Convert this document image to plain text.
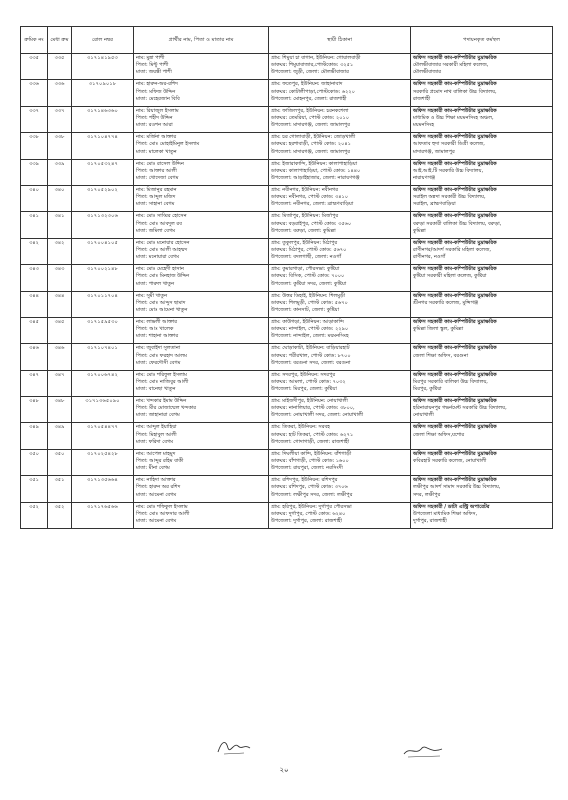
ক্রমিক নং	মেধা ক্রম	রোল নম্বর	প্রার্থীর নাম, পিতা ও মাতার নাম	স্থায়ী ঠিকানা	পদায়নকৃত কর্মস্থল

৩৩৫	৩৩৫	৩১৭১৪১৯৫৩	নাম: মুন্না পাশী
পিতা: মিন্টু পাশী
মাতা: জয়ন্তী পাশী	গ্রাম: শিমুয়া চা বাগান, ইউনিয়ন: গোয়ালবাড়ী
ডাকঘর: শিমুয়াবাজার,পোস্টকোড: ৩২৫১
উপজেলা: জুড়ী, জেলা: মৌলভীবাজার	অফিস সহকারী কাম-কম্পিউটার মুদ্রাক্ষরিক
মৌলভীবাজার সরকারী মহিলা কলেজ,
মৌলভীবাজার

৩৩৬	৩৩৬	৩১৭০৯০১৮	নাম: হারুন-অর-রশিদ
পিতা: মফিজ উদ্দিন
মাতা: মেহেরজান বিবি	গ্রাম: ফতেপুর, ইউনিয়ন: জাহানাবাদ
ডাকঘর: কোটালীপাড়া,পোস্টকোড: ৬২২০
উপজেলা: মোহনপুর, জেলা: রাজশাহী	অফিস সহকারী কাম-কম্পিউটার মুদ্রাক্ষরিক
সরকারি প্রমোদ নাথ বালিকা উচ্চ বিদ্যালয়,
রাজশাহী

৩৩৭	৩৩৭	৩১৭১৪৬৩৬০	নাম: রিয়াজুল ইসলাম
পিতা: শহীদ উদ্দিন
মাতা: রওশন আরা	গ্রাম: ফাজিলপুর, ইউনিয়ন: চরনকশেলা
ডাকঘর: তেমরিয়া, পোস্ট কোড: ২০১০
উপজেলা: মাদারগঞ্জ, জেলা: জামালপুর	অফিস সহকারী কাম-কম্পিউটার মুদ্রাক্ষরিক
মাধ্যমিক ও উচ্চ শিক্ষা ময়মনসিংহ অঞ্চল,
ময়মনসিংহ

৩৩৮	৩৩৮	৩১৭১০৪৭৭৪	নাম: মর্জিনা আক্তার
পিতা: মোঃ মোহাইমিনুল ইসলাম
মাতা: মালেকা খাতুন	গ্রাম: চর গোলাবাড়ী, ইউনিয়ন: জোড়খালী
ডাকঘর: হরশাবাড়ী, পোস্ট কোড: ২০৪১
উপজেলা: মাদারগঞ্জ, জেলা: জামালপুর	অফিস সহকারী কাম-কম্পিউটার মুদ্রাক্ষরিক
আফতাব হুদা সরকারী ডিগ্রী কলেজ,
মাদারগঞ্জ, জামালপুর

৩৩৯	৩৩৯	৩১৭০৫৩২৪৭	নাম: মোঃ রাসেল উদ্দিন
পিতা: আক্তার আলী
মাতা: খোদেজা বেগম	গ্রাম: ইজারাকান্দি, ইউনিয়ন: কালাপাহাড়িয়া
ডাকঘর: কালাপাহাড়িয়া, পোস্ট কোড: ১৪৪০
উপজেলা: আড়াইহাজার, জেলা: নারায়ণগঞ্জ	অফিস সহকারী কাম-কম্পিউটার মুদ্রাক্ষরিক
আই.আই.টি সরকারি উচ্চ বিদ্যালয়,
নারায়ণগঞ্জ

৩৪০	৩৪০	৩১৭০৫২৯০২	নাম: মিজানুর রহমান
পিতা: আব্দুল মজিদ
মাতা: সাহানা বেগম	গ্রাম: নবীনগর, ইউনিয়ন: নবীনগর
ডাকঘর: নবীনগর, পোস্ট কোড: ৩৪১০
উপজেলা: নবীনগর, জেলা: ব্রাহ্মণবাড়িয়া	অফিস সহকারী কাম-কম্পিউটার মুদ্রাক্ষরিক
সরাইল অন্নদা সরকারী উচ্চ বিদ্যালয়,
সরাইল, ব্রাহ্মণবাড়িয়া

৩৪১	৩৪১	৩১৭১৩২৩০৬	নাম: মোঃ সাব্বির হোসেন
পিতা: মোঃ আবদুল রব
মাতা: জমিলা বেগম	গ্রাম: মির্জাপুর, ইউনিয়ন: মির্জাপুর
ডাকঘর: বড়রাইপুর, পোস্ট কোড: ৩৫৬০
উপজেলা: বরুড়া, জেলা: কুমিল্লা	অফিস সহকারী কাম-কম্পিউটার মুদ্রাক্ষরিক
বরুড়া সরকারী বালিকা উচ্চ বিদ্যালয়, বরুড়া,
কুমিল্লা

৩৪২	৩৪২	৩১৭০০৪১০৫	নাম: মোঃ মনোয়ার হোসেন
পিতা: মোঃ আলী আহম্মদ
মাতা: মনোয়ারা বেগম	গ্রাম: তুকুলপুর, ইউনিয়ন: মিঠাপুর
ডাকঘর: মিঠাপুর, পোস্ট কোড: ৫৬৭০
উপজেলা: বদলগাছী, জেলা: নওগাঁ	অফিস সহকারী কাম-কম্পিউটার মুদ্রাক্ষরিক
রাণীনগর/আদর্শ সরকারি মহিলা কলেজ,
রাণীনগর, নওগাঁ

৩৪৩	৩৪৩	৩১৭০০২১৪৮	নাম: মোঃ মেহেদী হাসান
পিতা: মোঃ মিনহাজ উদ্দিন
মাতা: পারুল খাতুন	গ্রাম: কুমারগাড়া, পৌরসভা: কুষ্টিয়া
ডাকঘর: বিসিক, পোস্ট কোড: ৭০০০
উপজেলা: কুষ্টিয়া সদর, জেলা: কুষ্টিয়া	অফিস সহকারী কাম-কম্পিউটার মুদ্রাক্ষরিক
কুষ্টিয়া সরকারী মহিলা কলেজ, কুষ্টিয়া

৩৪৪	৩৪৪	৩১৭০১১৭০৪	নাম: সুমী খাতুন
পিতা: মোঃ আব্দুস ছামাদ
মাতা: মোঃ আমেনা খাতুন	গ্রাম: উত্তর ডিহাই, ইউনিয়ন: শিলমুড়ী
ডাকঘর: শিলমুড়ী, পোস্ট কোড: ৫৬৭০
উপজেলা: কানসাট, জেলা: কুষ্টিয়া	অফিস সহকারী কাম-কম্পিউটার মুদ্রাক্ষরিক
শ্রীনগর সরকারি কলেজ, মুন্সিগঞ্জ

৩৪৫	৩৪৫	৩১৭১৫৯৫৩০	নাম: লাভলী আক্তার
পিতা: আঃ খালেক
মাতা: শাহানা আক্তার	গ্রাম: কাউগড়া, ইউনিয়ন: আড়াকান্দি
ডাকঘর: নান্দাইল, পোস্ট কোড: ২২৯০
উপজেলা: নান্দাইল, জেলা: ময়মনসিংহ	অফিস সহকারী কাম-কম্পিউটার মুদ্রাক্ষরিক
কুমিল্লা জিলা স্কুল, কুমিল্লা

৩৪৬	৩৪৬	৩১৭১০৭৪০১	নাম: জুবাইদা সুলতানা
পিতা: মোঃ ফরহাদ আলম
মাতা: ফেরদৌসী বেগম	গ্রাম: ঘোড়াকাটা, ইউনিয়ন: বাড়িয়ারহাট
ডাকঘর: পরীরখাল, পোস্ট কোড: ৮৭০০
উপজেলা: বরগুনা সদর, জেলা: বরগুনা	অফিস সহকারী কাম-কম্পিউটার মুদ্রাক্ষরিক
জেলা শিক্ষা অফিস, বরগুনা

৩৪৭	৩৪৭	৩১৭০০৬৭৪২	নাম: মোঃ শরিফুল ইসলাম
পিতা: মোঃ নাজিবুর আলী
মাতা: বানেছা খাতুন	গ্রাম: সদরপুর, ইউনিয়ন: সদরপুর
ডাকঘর: আমলা, পোস্ট কোড: ৭০৩২
উপজেলা: মিরপুর, জেলা: কুষ্টিয়া	অফিস সহকারী কাম-কম্পিউটার মুদ্রাক্ষরিক
মিরপুর সরকারি বালিকা উচ্চ বিদ্যালয়,
মিরপুর, কুষ্টিয়া

৩৪৮	৩৪৮	৩১৭১৩৬৫০৯০	নাম: খন্দকার ইমাম উদ্দিন
পিতা: মীর মোজাম্মেল খন্দকার
মাতা: জাহানারা বেগম	গ্রাম: মাইজদীপুর, ইউনিয়ন: নোয়াখালী
ডাকঘর: নানালিয়ার, পোস্ট কোড: ৩৮০০,
উপজেলা: নোয়াখালী সদর, জেলা: নোয়াখালী	অফিস সহকারী কাম-কম্পিউটার মুদ্রাক্ষরিক
হরিনারায়নপুর গভর্নমেন্ট সরকারি উচ্চ বিদ্যালয়,
নোয়াখালী

৩৪৯	৩৪৯	৩১৭০৫৪৪৭৭	নাম: আব্দুল ইয়াহিয়া
পিতা: মিহাবুল আলী
মাতা: ফরিদা বেগম	গ্রাম: তিকরা, ইউনিয়ন: সরবহ
ডাকঘর: হাট তিকরা, পোস্ট কোড: ৬২৭১
উপজেলা: গোদাগাড়ী, জেলা: রাজশাহী	অফিস সহকারী কাম-কম্পিউটার মুদ্রাক্ষরিক
জেলা শিক্ষা অফিস,যশোর

৩৫০	৩৫০	৩১৭০২৫৪২৮	নাম: আপেল মাহমুদ
পিতা: আব্দুর রহিম বাকী
মাতা: মীনা বেগম	গ্রাম: দিঘলীয়া কান্দি, ইউনিয়ন: বাঁশগাড়ী
ডাকঘর: বাঁশগাড়ী, পোস্ট কোড: ১৬০০
উপজেলা: রায়পুরা, জেলা: নরসিংদী	অফিস সহকারী কাম-কম্পিউটার মুদ্রাক্ষরিক
কবিরহাট সরকারি কলেজ, নোয়াখালী

৩৫১	৩৫১	৩১৭১৩৫৬৬৪	নাম: নাহিদা আক্তার
পিতা: হারুন অর রশিদ
মাতা: আমেনা বেগম	গ্রাম: রশিদপুর, ইউনিয়ন: রশিদপুর
ডাকঘর: রশিদপুর, পোস্ট কোড: ৩৭০৬
উপজেলা: লক্ষীপুর সদর, জেলা: লক্ষীপুর	অফিস সহকারী কাম-কম্পিউটার মুদ্রাক্ষরিক
লক্ষীপুর আদর্শ সামাদ সরকারি উচ্চ বিদ্যালয়,
সদর, লক্ষীপুর

৩৫২	৩৫২	৩১৭১৭৬৫৬৬	নাম: মোঃ শফিকুল ইসলাম
পিতা: মোঃ আফসার আলী
মাতা: আমেনা বেগম	গ্রাম: হরিপুর, ইউনিয়ন: দুর্গাপুর পৌরসভা
ডাকঘর: দুর্গাপুর, পোস্ট কোড: ৬২৪০
উপজেলা: দুর্গাপুর, জেলা: রাজশাহী	অফিস সহকারী / ডাটা এন্ট্রি অপারেটর
উপজেলা মাধ্যমিক শিক্ষা অফিস,
দুর্গাপুর, রাজশাহী
২০
